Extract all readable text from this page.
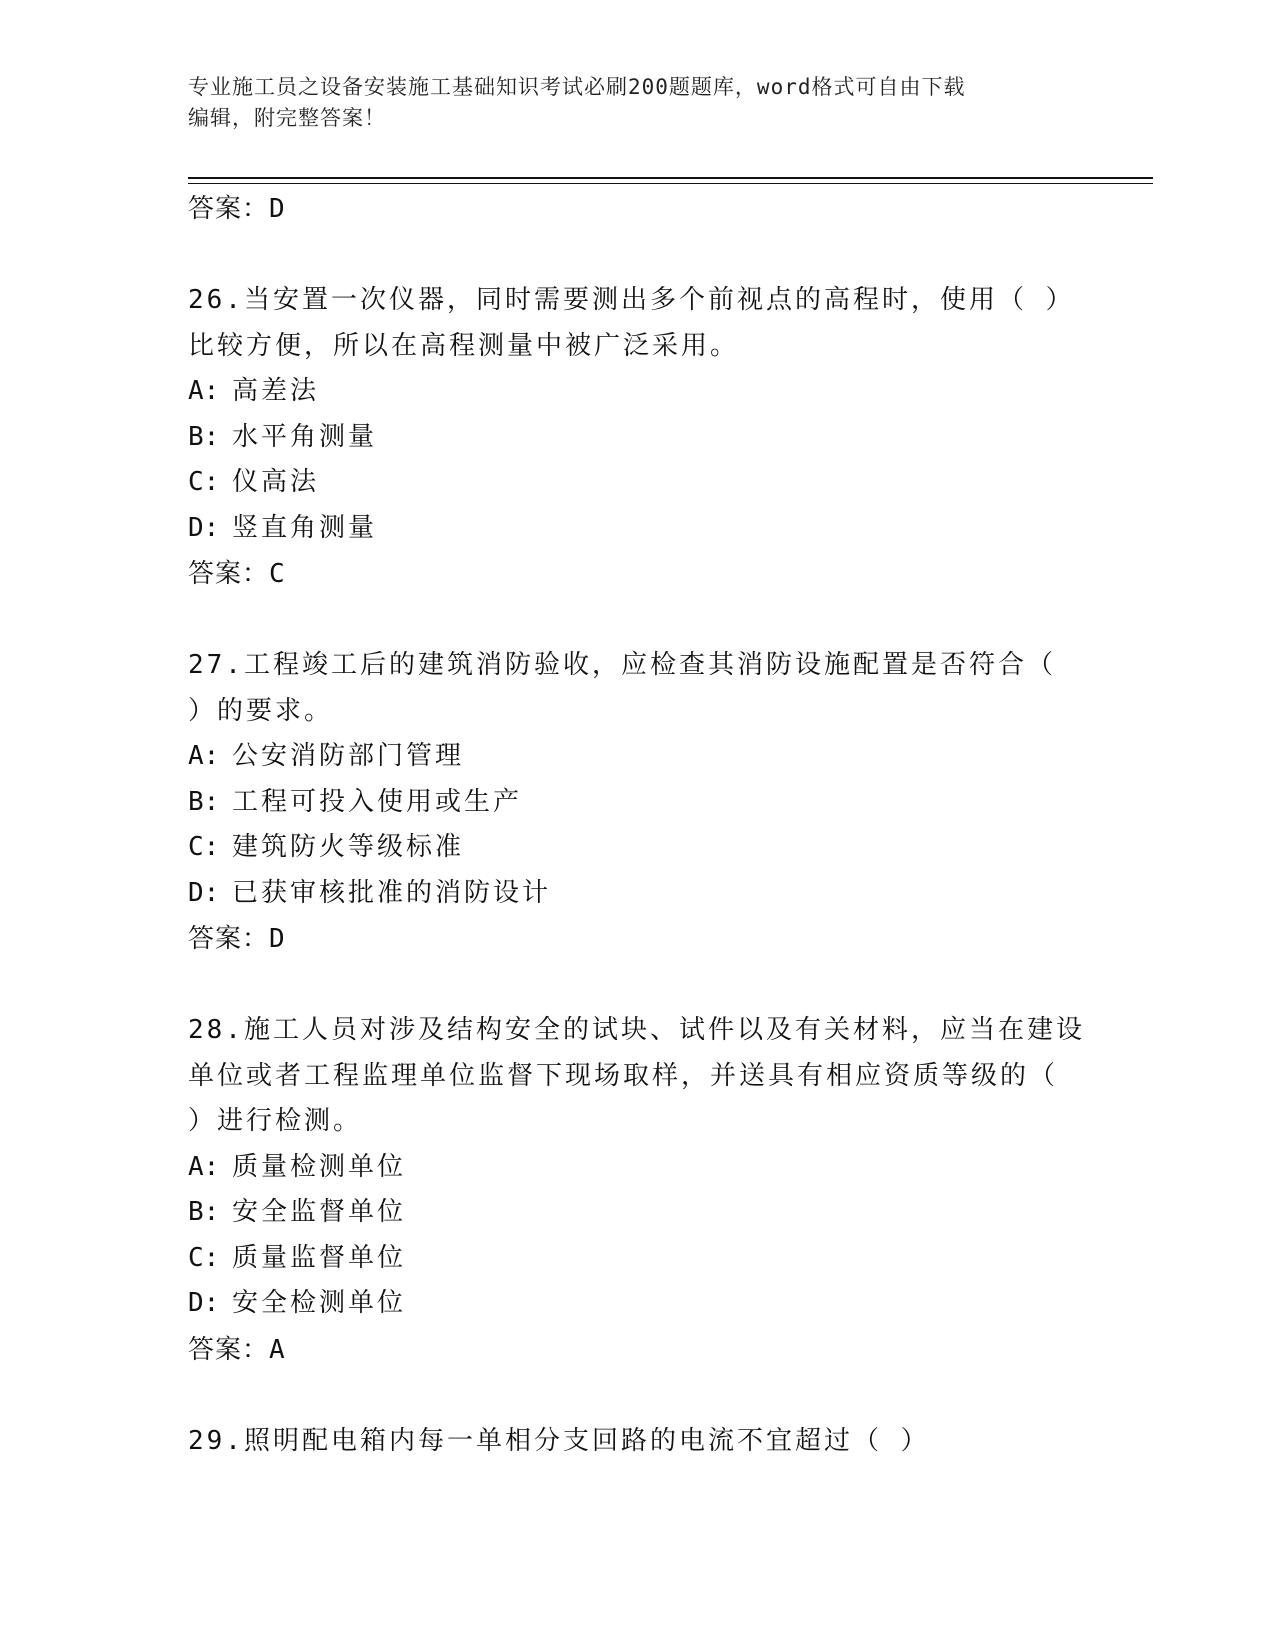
专业施工员之设备安装施工基础知识考试必刷200题题库，word格式可自由下载
编辑，附完整答案！
答案：D
26.当安置一次仪器，同时需要测出多个前视点的高程时，使用（ ）
比较方便，所以在高程测量中被广泛采用。
A: 高差法
B: 水平角测量
C: 仪高法
D: 竖直角测量
答案：C
27.工程竣工后的建筑消防验收，应检查其消防设施配置是否符合（
）的要求。
A: 公安消防部门管理
B: 工程可投入使用或生产
C: 建筑防火等级标准
D: 已获审核批准的消防设计
答案：D
28.施工人员对涉及结构安全的试块、试件以及有关材料，应当在建设
单位或者工程监理单位监督下现场取样，并送具有相应资质等级的（
）进行检测。
A: 质量检测单位
B: 安全监督单位
C: 质量监督单位
D: 安全检测单位
答案：A
29.照明配电箱内每一单相分支回路的电流不宜超过（ ）
